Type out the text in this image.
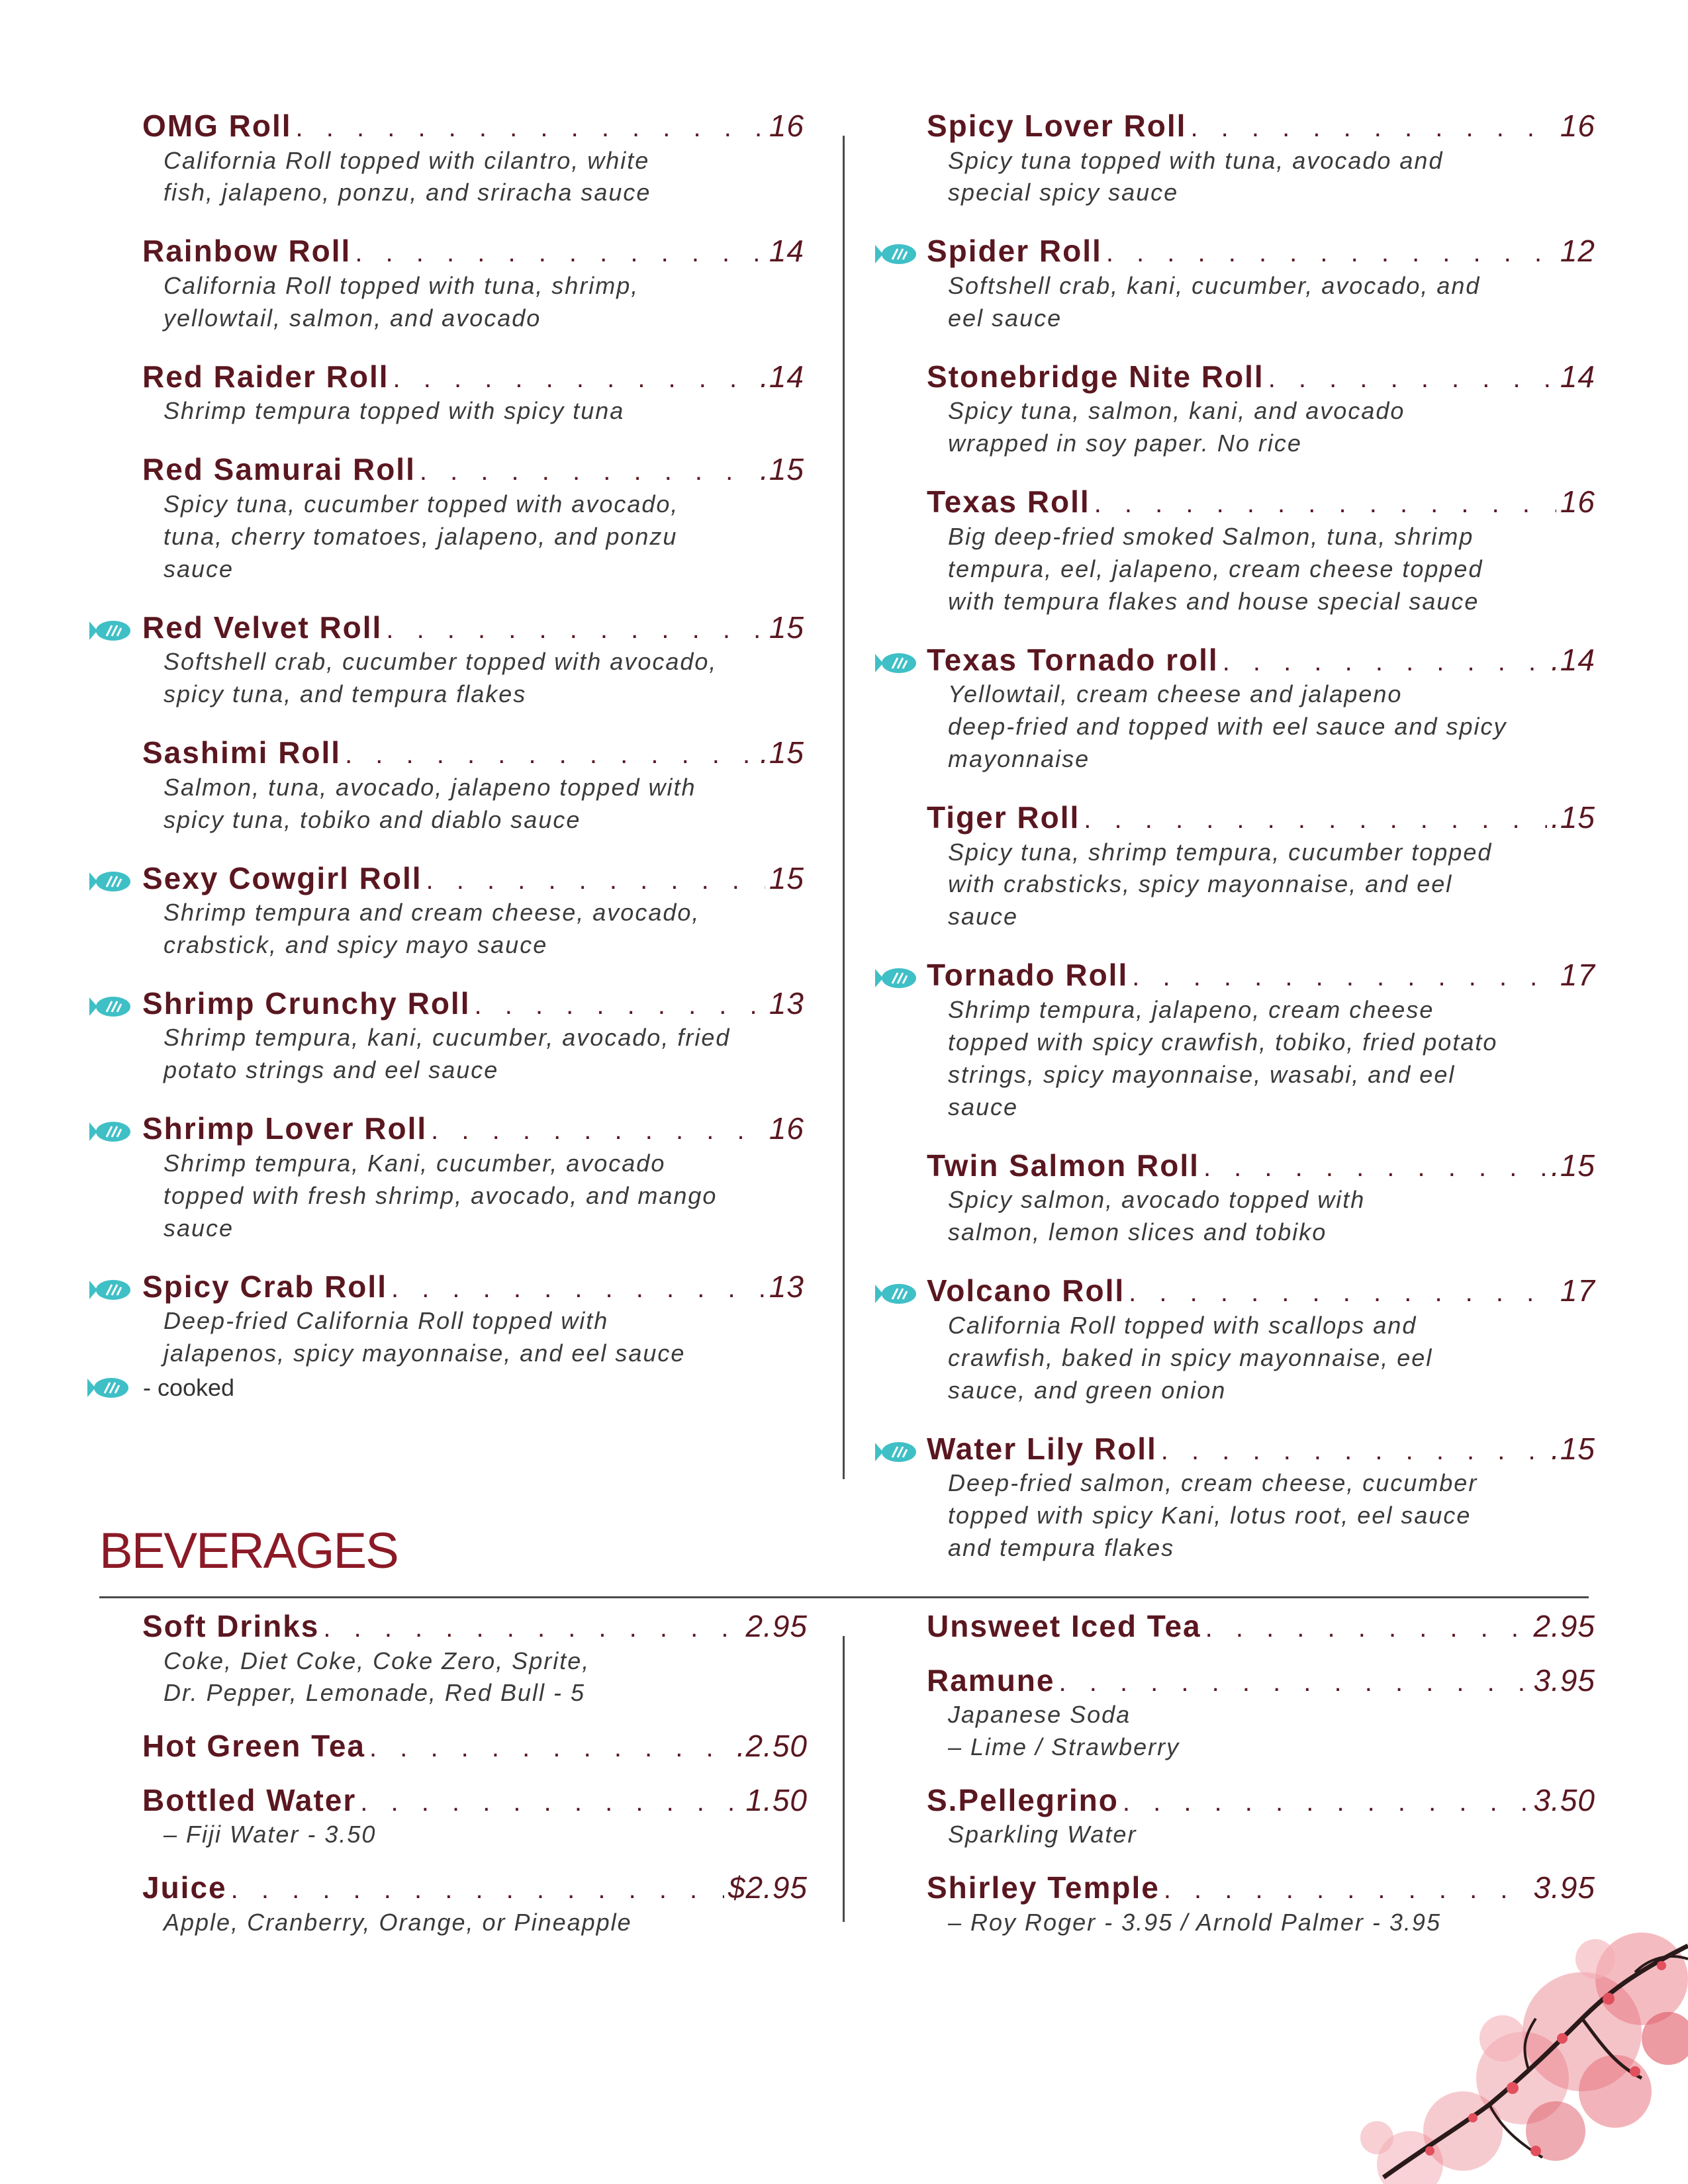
OMG Roll . . .	16
California Roll topped with cilantro, white
fish, jalapeno, ponzu, and sriracha sauce
Rainbow Roll . . .	14
California Roll topped with tuna, shrimp,
yellowtail, salmon, and avocado
Red Raider Roll . . .	.14
Shrimp tempura topped with spicy tuna
Red Samurai Roll . . .	.15
Spicy tuna, cucumber topped with avocado,
tuna, cherry tomatoes, jalapeno, and ponzu
sauce
Red Velvet Roll . . .	15
Softshell crab, cucumber topped with avocado,
spicy tuna, and tempura flakes
Sashimi Roll . . .	.15
Salmon, tuna, avocado, jalapeno topped with
spicy tuna, tobiko and diablo sauce
Sexy Cowgirl Roll . . .	15
Shrimp tempura and cream cheese, avocado,
crabstick, and spicy mayo sauce
Shrimp Crunchy Roll . . .	13
Shrimp tempura, kani, cucumber, avocado, fried
potato strings and eel sauce
Shrimp Lover Roll . . .	16
Shrimp tempura, Kani, cucumber, avocado
topped with fresh shrimp, avocado, and mango
sauce
Spicy Crab Roll . . .	13
Deep-fried California Roll topped with
jalapenos, spicy mayonnaise, and eel sauce
Spicy Lover Roll . . .	16
Spicy tuna topped with tuna, avocado and
special spicy sauce
Spider Roll . . .	12
Softshell crab, kani, cucumber, avocado, and
eel sauce
Stonebridge Nite Roll . . .	14
Spicy tuna, salmon, kani, and avocado
wrapped in soy paper. No rice
Texas Roll . . .	16
Big deep-fried smoked Salmon, tuna, shrimp
tempura, eel, jalapeno, cream cheese topped
with tempura flakes and house special sauce
Texas Tornado roll . . .	.14
Yellowtail, cream cheese and jalapeno
deep-fried and topped with eel sauce and spicy
mayonnaise
Tiger Roll . . .	.15
Spicy tuna, shrimp tempura, cucumber topped
with crabsticks, spicy mayonnaise, and eel
sauce
Tornado Roll . . .	17
Shrimp tempura, jalapeno, cream cheese
topped with spicy crawfish, tobiko, fried potato
strings, spicy mayonnaise, wasabi, and eel
sauce
Twin Salmon Roll . . .	.15
Spicy salmon, avocado topped with
salmon, lemon slices and tobiko
Volcano Roll . . .	17
California Roll topped with scallops and
crawfish, baked in spicy mayonnaise, eel
sauce, and green onion
Water Lily Roll . . .	.15
Deep-fried salmon, cream cheese, cucumber
topped with spicy Kani, lotus root, eel sauce
and tempura flakes
- cooked
BEVERAGES
Soft Drinks . . .	2.95
Coke, Diet Coke, Coke Zero, Sprite,
Dr. Pepper, Lemonade, Red Bull - 5
Hot Green Tea . . .	.2.50
Bottled Water . . .	1.50
– Fiji Water - 3.50
Juice . . .	$2.95
Apple, Cranberry, Orange, or Pineapple
Unsweet Iced Tea . . .	2.95
Ramune . . .	3.95
Japanese Soda
– Lime / Strawberry
S.Pellegrino . . .	3.50
Sparkling Water
Shirley Temple . . .	3.95
– Roy Roger - 3.95 / Arnold Palmer - 3.95
